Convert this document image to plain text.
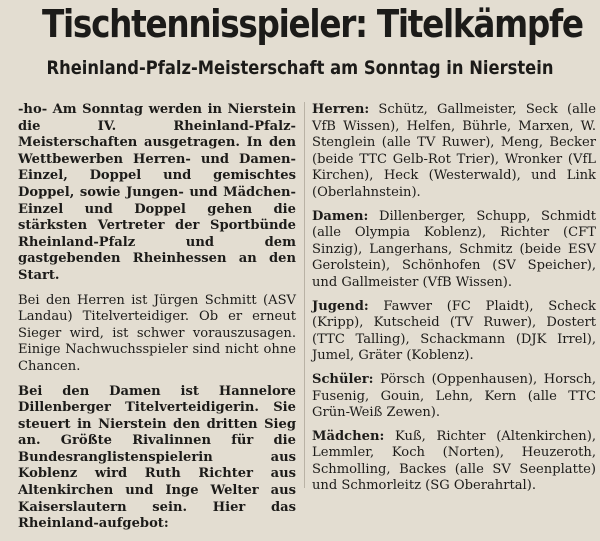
Tischtennisspieler: Titelkämpfe
Rheinland-Pfalz-Meisterschaft am Sonntag in Nierstein

-ho- Am Sonntag werden in Nierstein die IV. Rheinland-Pfalz-Meisterschaften ausgetragen. In den Wettbewerben Herren- und Damen-Einzel, Doppel und gemischtes Doppel, sowie Jungen- und Mädchen-Einzel und Doppel gehen die stärksten Vertreter der Sportbünde Rheinland-Pfalz und dem gastgebenden Rheinhessen an den Start.

Bei den Herren ist Jürgen Schmitt (ASV Landau) Titelverteidiger. Ob er erneut Sieger wird, ist schwer vorauszusagen. Einige Nachwuchsspieler sind nicht ohne Chancen.

Bei den Damen ist Hannelore Dillenberger Titelverteidigerin. Sie steuert in Nierstein den dritten Sieg an. Größte Rivalinnen für die Bundesranglistenspielerin aus Koblenz wird Ruth Richter aus Altenkirchen und Inge Welter aus Kaiserslautern sein. Hier das Rheinland-aufgebot:

Herren: Schütz, Gallmeister, Seck (alle VfB Wissen), Helfen, Bührle, Marxen, W. Stenglein (alle TV Ruwer), Meng, Becker (beide TTC Gelb-Rot Trier), Wronker (VfL Kirchen), Heck (Westerwald), und Link (Oberlahnstein).

Damen: Dillenberger, Schupp, Schmidt (alle Olympia Koblenz), Richter (CFT Sinzig), Langerhans, Schmitz (beide ESV Gerolstein), Schönhofen (SV Speicher), und Gallmeister (VfB Wissen).

Jugend: Fawver (FC Plaidt), Scheck (Kripp), Kutscheid (TV Ruwer), Dostert (TTC Talling), Schackmann (DJK Irrel), Jumel, Gräter (Koblenz).

Schüler: Pörsch (Oppenhausen), Horsch, Fusenig, Gouin, Lehn, Kern (alle TTC Grün-Weiß Zewen).

Mädchen: Kuß, Richter (Altenkirchen), Lemmler, Koch (Norten), Heuzeroth, Schmolling, Backes (alle SV Seenplatte) und Schmorleitz (SG Oberahrtal).
